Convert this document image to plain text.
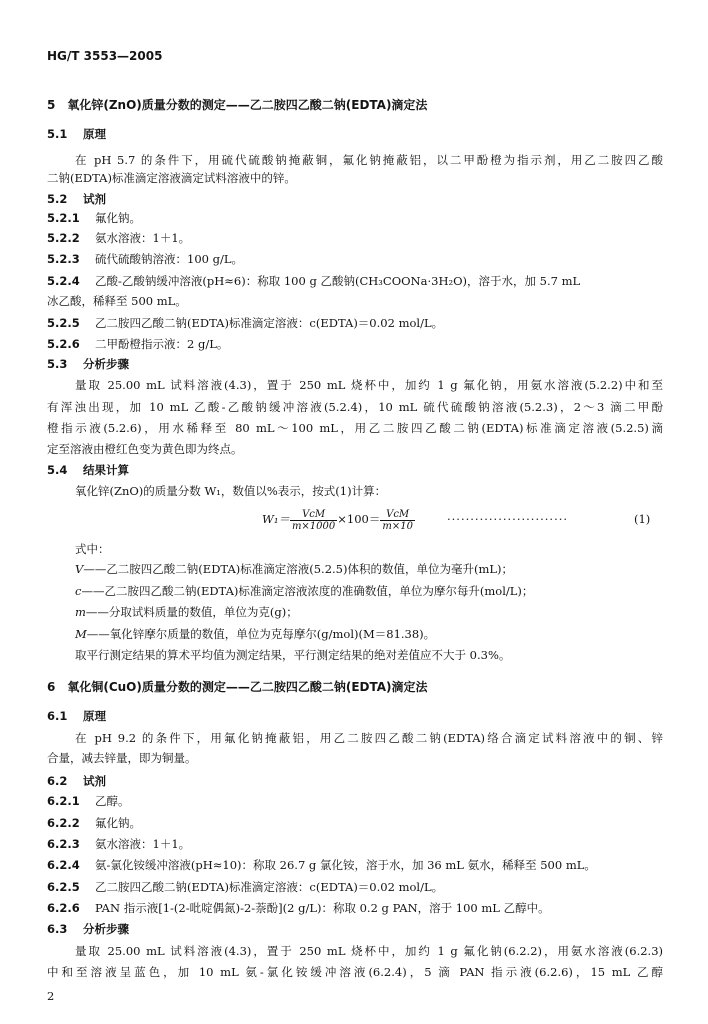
HG/T 3553—2005
5　氧化锌(ZnO)质量分数的测定——乙二胺四乙酸二钠(EDTA)滴定法
5.1 原理
在 pH 5.7 的条件下，用硫代硫酸钠掩蔽铜，氟化钠掩蔽铝，以二甲酚橙为指示剂，用乙二胺四乙酸
二钠(EDTA)标准滴定溶液滴定试料溶液中的锌。
5.2 试剂
5.2.1 氟化钠。
5.2.2 氨水溶液：1＋1。
5.2.3 硫代硫酸钠溶液：100 g/L。
5.2.4 乙酸-乙酸钠缓冲溶液(pH≈6)：称取 100 g 乙酸钠(CH₃COONa·3H₂O)，溶于水，加 5.7 mL
冰乙酸，稀释至 500 mL。
5.2.5 乙二胺四乙酸二钠(EDTA)标准滴定溶液：c(EDTA)＝0.02 mol/L。
5.2.6 二甲酚橙指示液：2 g/L。
5.3 分析步骤
量取 25.00 mL 试料溶液(4.3)，置于 250 mL 烧杯中，加约 1 g 氟化钠，用氨水溶液(5.2.2)中和至
有浑浊出现，加 10 mL 乙酸-乙酸钠缓冲溶液(5.2.4)，10 mL 硫代硫酸钠溶液(5.2.3)，2～3 滴二甲酚
橙指示液(5.2.6)，用水稀释至 80 mL～100 mL，用乙二胺四乙酸二钠(EDTA)标准滴定溶液(5.2.5)滴
定至溶液由橙红色变为黄色即为终点。
5.4 结果计算
氧化锌(ZnO)的质量分数 W₁，数值以%表示，按式(1)计算：
$W_1= \frac{\text{VcM}}{m\times 1000} \times 100= \frac{\text{VcM}}{m\times 10}$	··························	(1)
式中：
V——乙二胺四乙酸二钠(EDTA)标准滴定溶液(5.2.5)体积的数值，单位为毫升(mL)；
c——乙二胺四乙酸二钠(EDTA)标准滴定溶液浓度的准确数值，单位为摩尔每升(mol/L)；
m——分取试料质量的数值，单位为克(g)；
M——氧化锌摩尔质量的数值，单位为克每摩尔(g/mol)(M＝81.38)。
取平行测定结果的算术平均值为测定结果，平行测定结果的绝对差值应不大于 0.3%。
6　氧化铜(CuO)质量分数的测定——乙二胺四乙酸二钠(EDTA)滴定法
6.1 原理
在 pH 9.2 的条件下，用氟化钠掩蔽铝，用乙二胺四乙酸二钠(EDTA)络合滴定试料溶液中的铜、锌
合量，减去锌量，即为铜量。
6.2 试剂
6.2.1 乙醇。
6.2.2 氟化钠。
6.2.3 氨水溶液：1＋1。
6.2.4 氨-氯化铵缓冲溶液(pH≈10)：称取 26.7 g 氯化铵，溶于水，加 36 mL 氨水，稀释至 500 mL。
6.2.5 乙二胺四乙酸二钠(EDTA)标准滴定溶液：c(EDTA)＝0.02 mol/L。
6.2.6 PAN 指示液[1-(2-吡啶偶氮)-2-萘酚](2 g/L)：称取 0.2 g PAN，溶于 100 mL 乙醇中。
6.3 分析步骤
量取 25.00 mL 试料溶液(4.3)，置于 250 mL 烧杯中，加约 1 g 氟化钠(6.2.2)，用氨水溶液(6.2.3)
中和至溶液呈蓝色，加 10 mL 氨-氯化铵缓冲溶液(6.2.4)，5 滴 PAN 指示液(6.2.6)，15 mL 乙醇
2
